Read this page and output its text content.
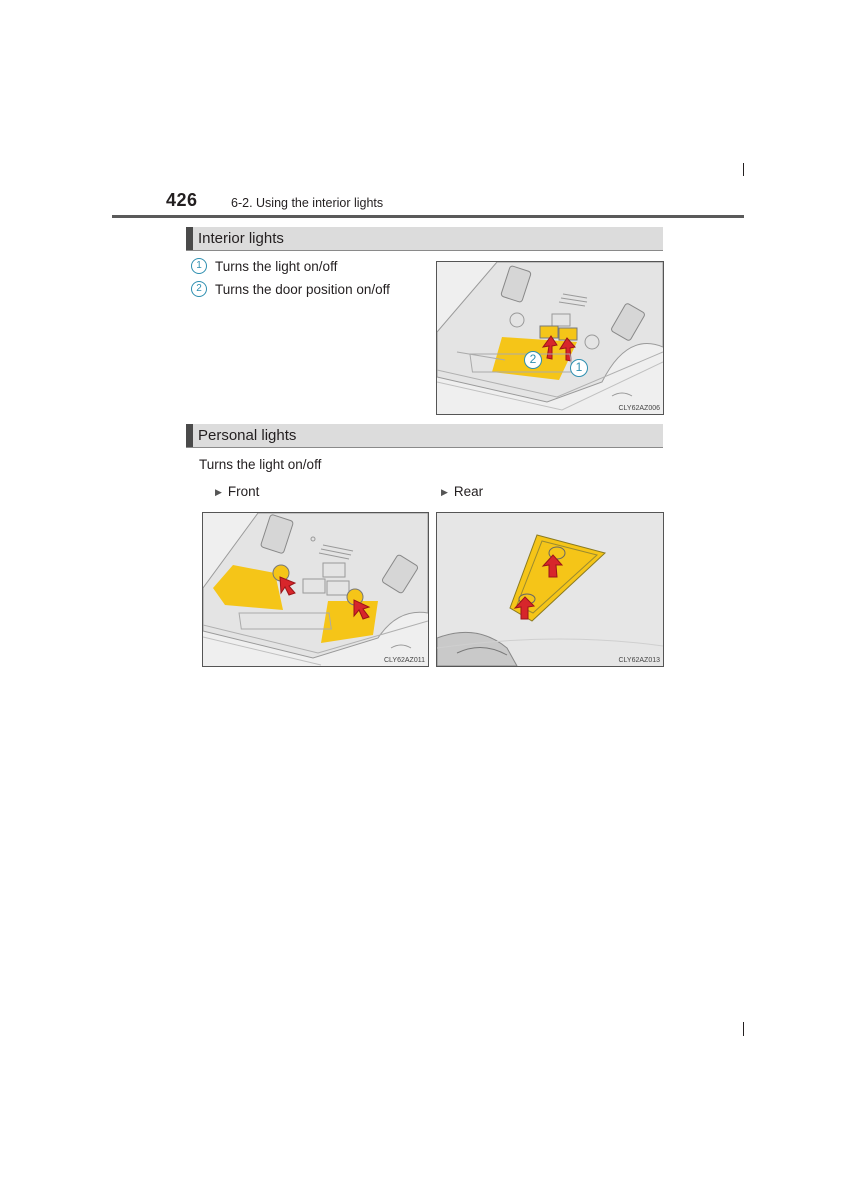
426	6-2. Using the interior lights
Interior lights
1 Turns the light on/off
2 Turns the door position on/off
2
1
CLY62AZ006
Personal lights
Turns the light on/off
▶ Front	▶ Rear
CLY62AZ011	CLY62AZ013
